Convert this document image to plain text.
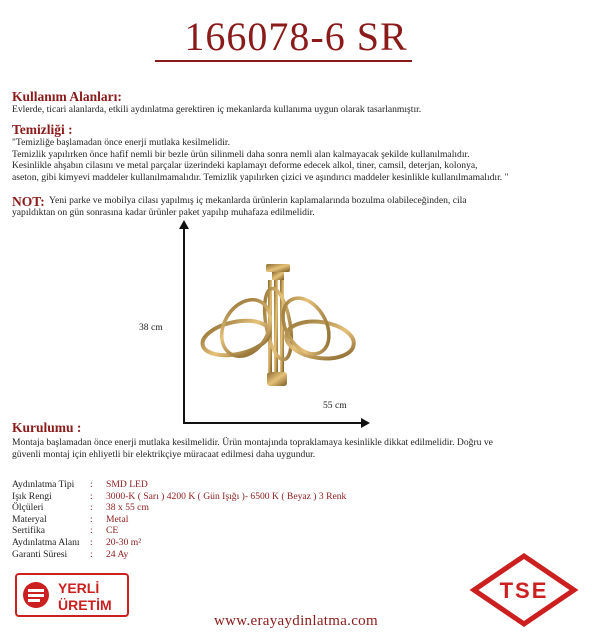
166078-6 SR
Kullanım Alanları:
Evlerde, ticari alanlarda, etkili aydınlatma gerektiren iç mekanlarda kullanıma uygun olarak tasarlanmıştır.
Temizliği :
"Temizliğe başlamadan önce enerji mutlaka kesilmelidir.
Temizlik yapılırken önce hafif nemli bir bezle ürün silinmeli daha sonra nemli alan kalmayacak şekilde kullanılmalıdır.
Kesinlikle ahşabın cilasını ve metal parçalar üzerindeki kaplamayı deforme edecek alkol, tiner, camsil, deterjan, kolonya,
aseton, gibi kimyevi maddeler kullanılmamalıdır. Temizlik yapılırken çizici ve aşındırıcı maddeler kesinlikle kullanılmamalıdır. "
NOT: Yeni parke ve mobilya cilası yapılmış iç mekanlarda ürünlerin kaplamalarında bozulma olabileceğinden, cila
yapıldıktan on gün sonrasına kadar ürünler paket yapılıp muhafaza edilmelidir.
38 cm
55 cm
Kurulumu :
Montaja başlamadan önce enerji mutlaka kesilmelidir. Ürün montajında topraklamaya kesinlikle dikkat edilmelidir. Doğru ve
güvenli montaj için ehliyetli bir elektrikçiye müracaat edilmesi daha uygundur.
Aydınlatma Tipi	:	SMD LED
Işık Rengi	:	3000-K ( Sarı ) 4200 K ( Gün Işığı )- 6500 K ( Beyaz ) 3 Renk
Ölçüleri	:	38 x 55 cm
Materyal	:	Metal
Sertifika	:	CE
Aydınlatma Alanı	:	20-30 m²
Garanti Süresi	:	24 Ay
YERLİ
ÜRETİM
TSE
www.erayaydinlatma.com
